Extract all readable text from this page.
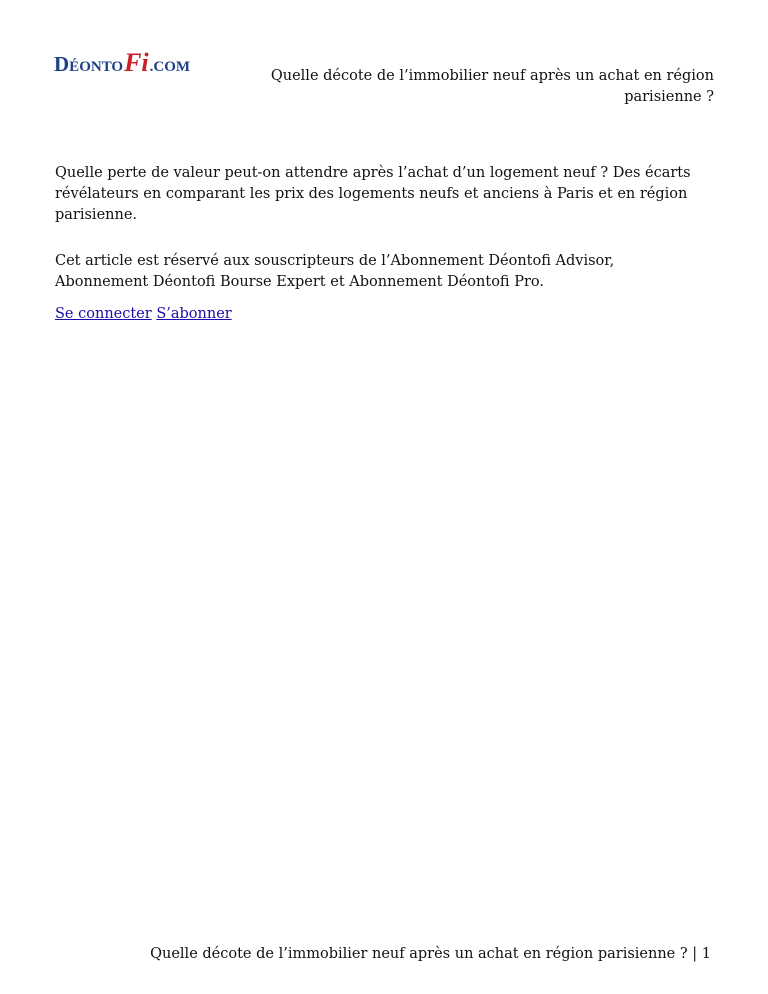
DÉONTOFi.COM
Quelle décote de l’immobilier neuf après un achat en région parisienne ?

Quelle perte de valeur peut-on attendre après l’achat d’un logement neuf ? Des écarts révélateurs en comparant les prix des logements neufs et anciens à Paris et en région parisienne.

Cet article est réservé aux souscripteurs de l’Abonnement Déontofi Advisor, Abonnement Déontofi Bourse Expert et Abonnement Déontofi Pro.

Se connecter S’abonner

Quelle décote de l’immobilier neuf après un achat en région parisienne ? | 1
